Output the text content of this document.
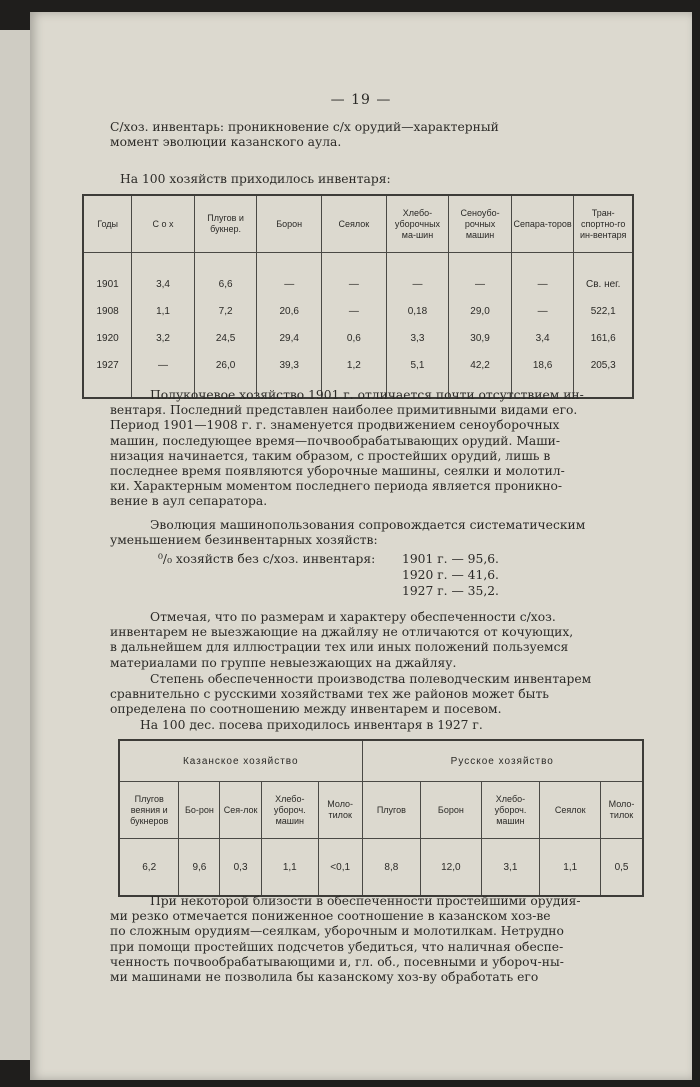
— 19 —

С/хоз. инвентарь: проникновение с/х орудий—характерный
момент эволюции казанского аула.

На 100 хозяйств приходилось инвентаря:
Годы	С о х	Плугов и букнер.	Борон	Сеялок	Хлебо-уборочных ма-шин	Сеноубо-рочных машин	Сепара-торов	Тран-спортно-го ин-вентаря

1901	3,4	6,6	—	—	—	—	—	Св. нег.
1908	1,1	7,2	20,6	—	0,18	29,0	—	522,1
1920	3,2	24,5	29,4	0,6	3,3	30,9	3,4	161,6
1927	—	26,0	39,3	1,2	5,1	42,2	18,6	205,3

Полукочевое хозяйство 1901 г. отличается почти отсутствием ин-
вентаря. Последний представлен наиболее примитивными видами его.
Период 1901—1908 г. г. знаменуется продвижением сеноуборочных
машин, последующее время—почвообрабатывающих орудий. Маши-
низация начинается, таким образом, с простейших орудий, лишь в
последнее время появляются уборочные машины, сеялки и молотил-
ки. Характерным моментом последнего периода является проникно-
вение в аул сепаратора.

Эволюция машинопользования сопровождается систематическим
уменьшением безинвентарных хозяйств:

⁰/₀ хозяйств без с/хоз. инвентаря: 1901 г. — 95,6.
1920 г. — 41,6.
1927 г. — 35,2.

Отмечая, что по размерам и характеру обеспеченности с/хоз.
инвентарем не выезжающие на джайляу не отличаются от кочующих,
в дальнейшем для иллюстрации тех или иных положений пользуемся
материалами по группе невыезжающих на джайляу.

Степень обеспеченности производства полеводческим инвентарем
сравнительно с русскими хозяйствами тех же районов может быть
определена по соотношению между инвентарем и посевом.

На 100 дес. посева приходилось инвентаря в 1927 г.
Казанское хозяйство					Русское хозяйство				
Плугов веяния и букнеров	Бо-рон	Сея-лок	Хлебо-убороч. машин	Моло-тилок	Плугов	Борон	Хлебо-убороч. машин	Сеялок	Моло-тилок
6,2	9,6	0,3	1,1	<0,1	8,8	12,0	3,1	1,1	0,5

При некоторой близости в обеспеченности простейшими орудия-
ми резко отмечается пониженное соотношение в казанском хоз-ве
по сложным орудиям—сеялкам, уборочным и молотилкам. Нетрудно
при помощи простейших подсчетов убедиться, что наличная обеспе-
ченность почвообрабатывающими и, гл. об., посевными и убороч-ны-
ми машинами не позволила бы казанскому хоз-ву обработать его
